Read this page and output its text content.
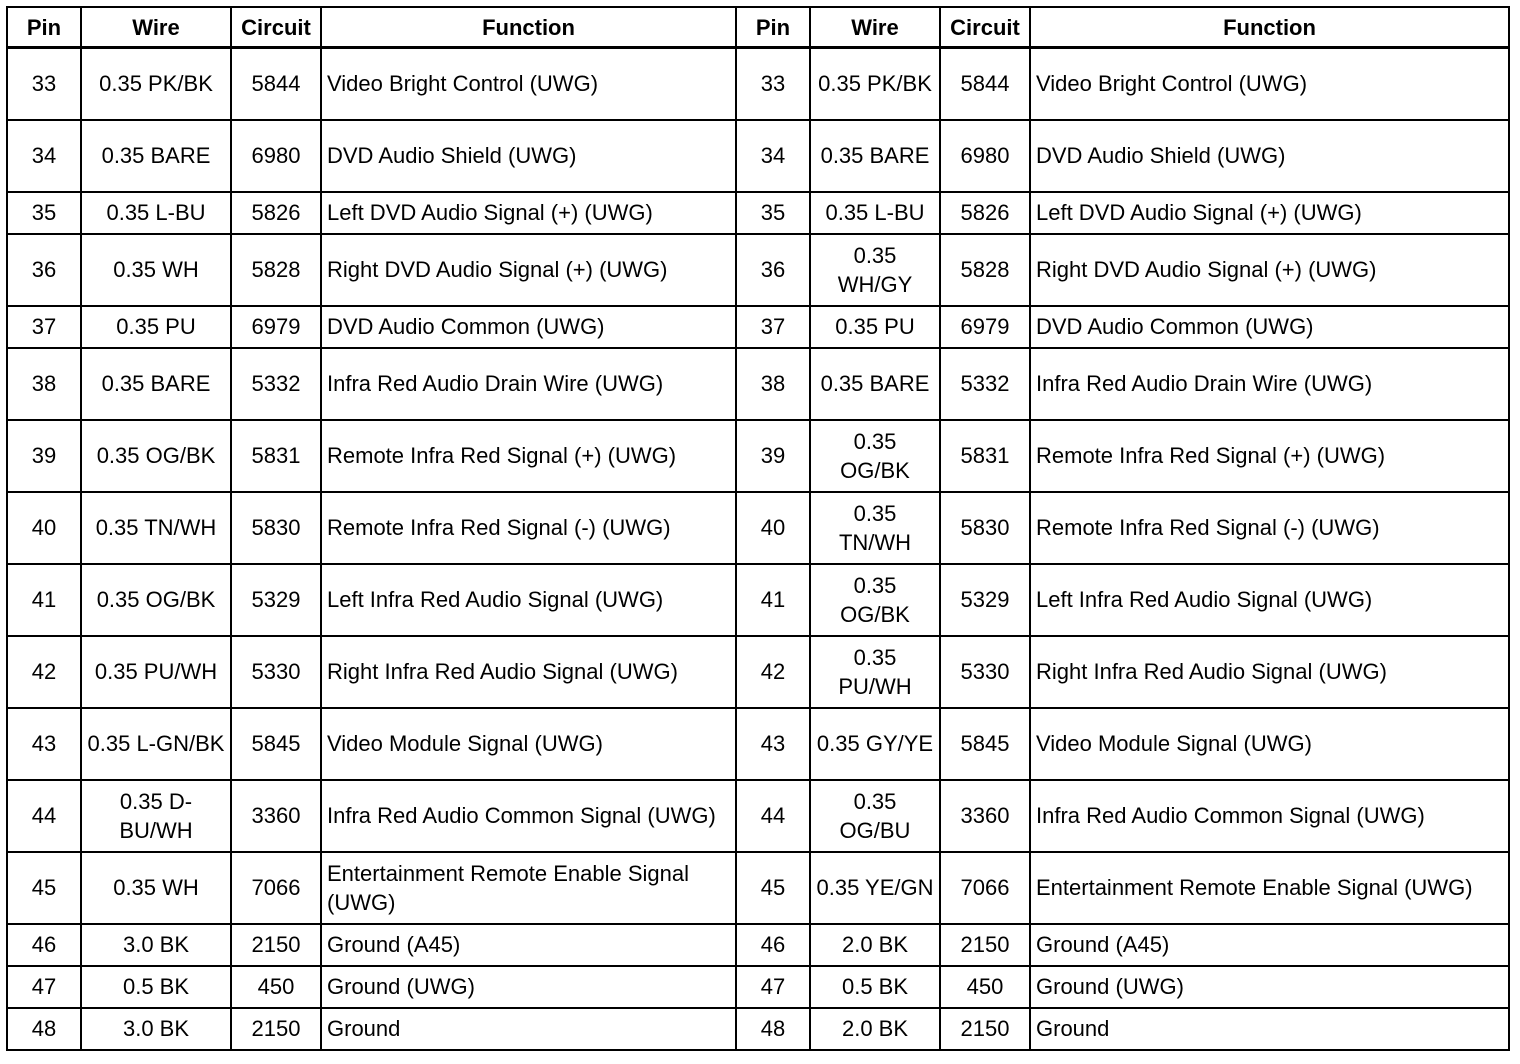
Pin	Wire	Circuit	Function	Pin	Wire	Circuit	Function
33	0.35 PK/BK	5844	Video Bright Control (UWG)	33	0.35 PK/BK	5844	Video Bright Control (UWG)
34	0.35 BARE	6980	DVD Audio Shield (UWG)	34	0.35 BARE	6980	DVD Audio Shield (UWG)
35	0.35 L-BU	5826	Left DVD Audio Signal (+) (UWG)	35	0.35 L-BU	5826	Left DVD Audio Signal (+) (UWG)
36	0.35 WH	5828	Right DVD Audio Signal (+) (UWG)	36	0.35 WH/GY	5828	Right DVD Audio Signal (+) (UWG)
37	0.35 PU	6979	DVD Audio Common (UWG)	37	0.35 PU	6979	DVD Audio Common (UWG)
38	0.35 BARE	5332	Infra Red Audio Drain Wire (UWG)	38	0.35 BARE	5332	Infra Red Audio Drain Wire (UWG)
39	0.35 OG/BK	5831	Remote Infra Red Signal (+) (UWG)	39	0.35 OG/BK	5831	Remote Infra Red Signal (+) (UWG)
40	0.35 TN/WH	5830	Remote Infra Red Signal (-) (UWG)	40	0.35 TN/WH	5830	Remote Infra Red Signal (-) (UWG)
41	0.35 OG/BK	5329	Left Infra Red Audio Signal (UWG)	41	0.35 OG/BK	5329	Left Infra Red Audio Signal (UWG)
42	0.35 PU/WH	5330	Right Infra Red Audio Signal (UWG)	42	0.35 PU/WH	5330	Right Infra Red Audio Signal (UWG)
43	0.35 L-GN/BK	5845	Video Module Signal (UWG)	43	0.35 GY/YE	5845	Video Module Signal (UWG)
44	0.35 D-BU/WH	3360	Infra Red Audio Common Signal (UWG)	44	0.35 OG/BU	3360	Infra Red Audio Common Signal (UWG)
45	0.35 WH	7066	Entertainment Remote Enable Signal (UWG)	45	0.35 YE/GN	7066	Entertainment Remote Enable Signal (UWG)
46	3.0 BK	2150	Ground (A45)	46	2.0 BK	2150	Ground (A45)
47	0.5 BK	450	Ground (UWG)	47	0.5 BK	450	Ground (UWG)
48	3.0 BK	2150	Ground	48	2.0 BK	2150	Ground
